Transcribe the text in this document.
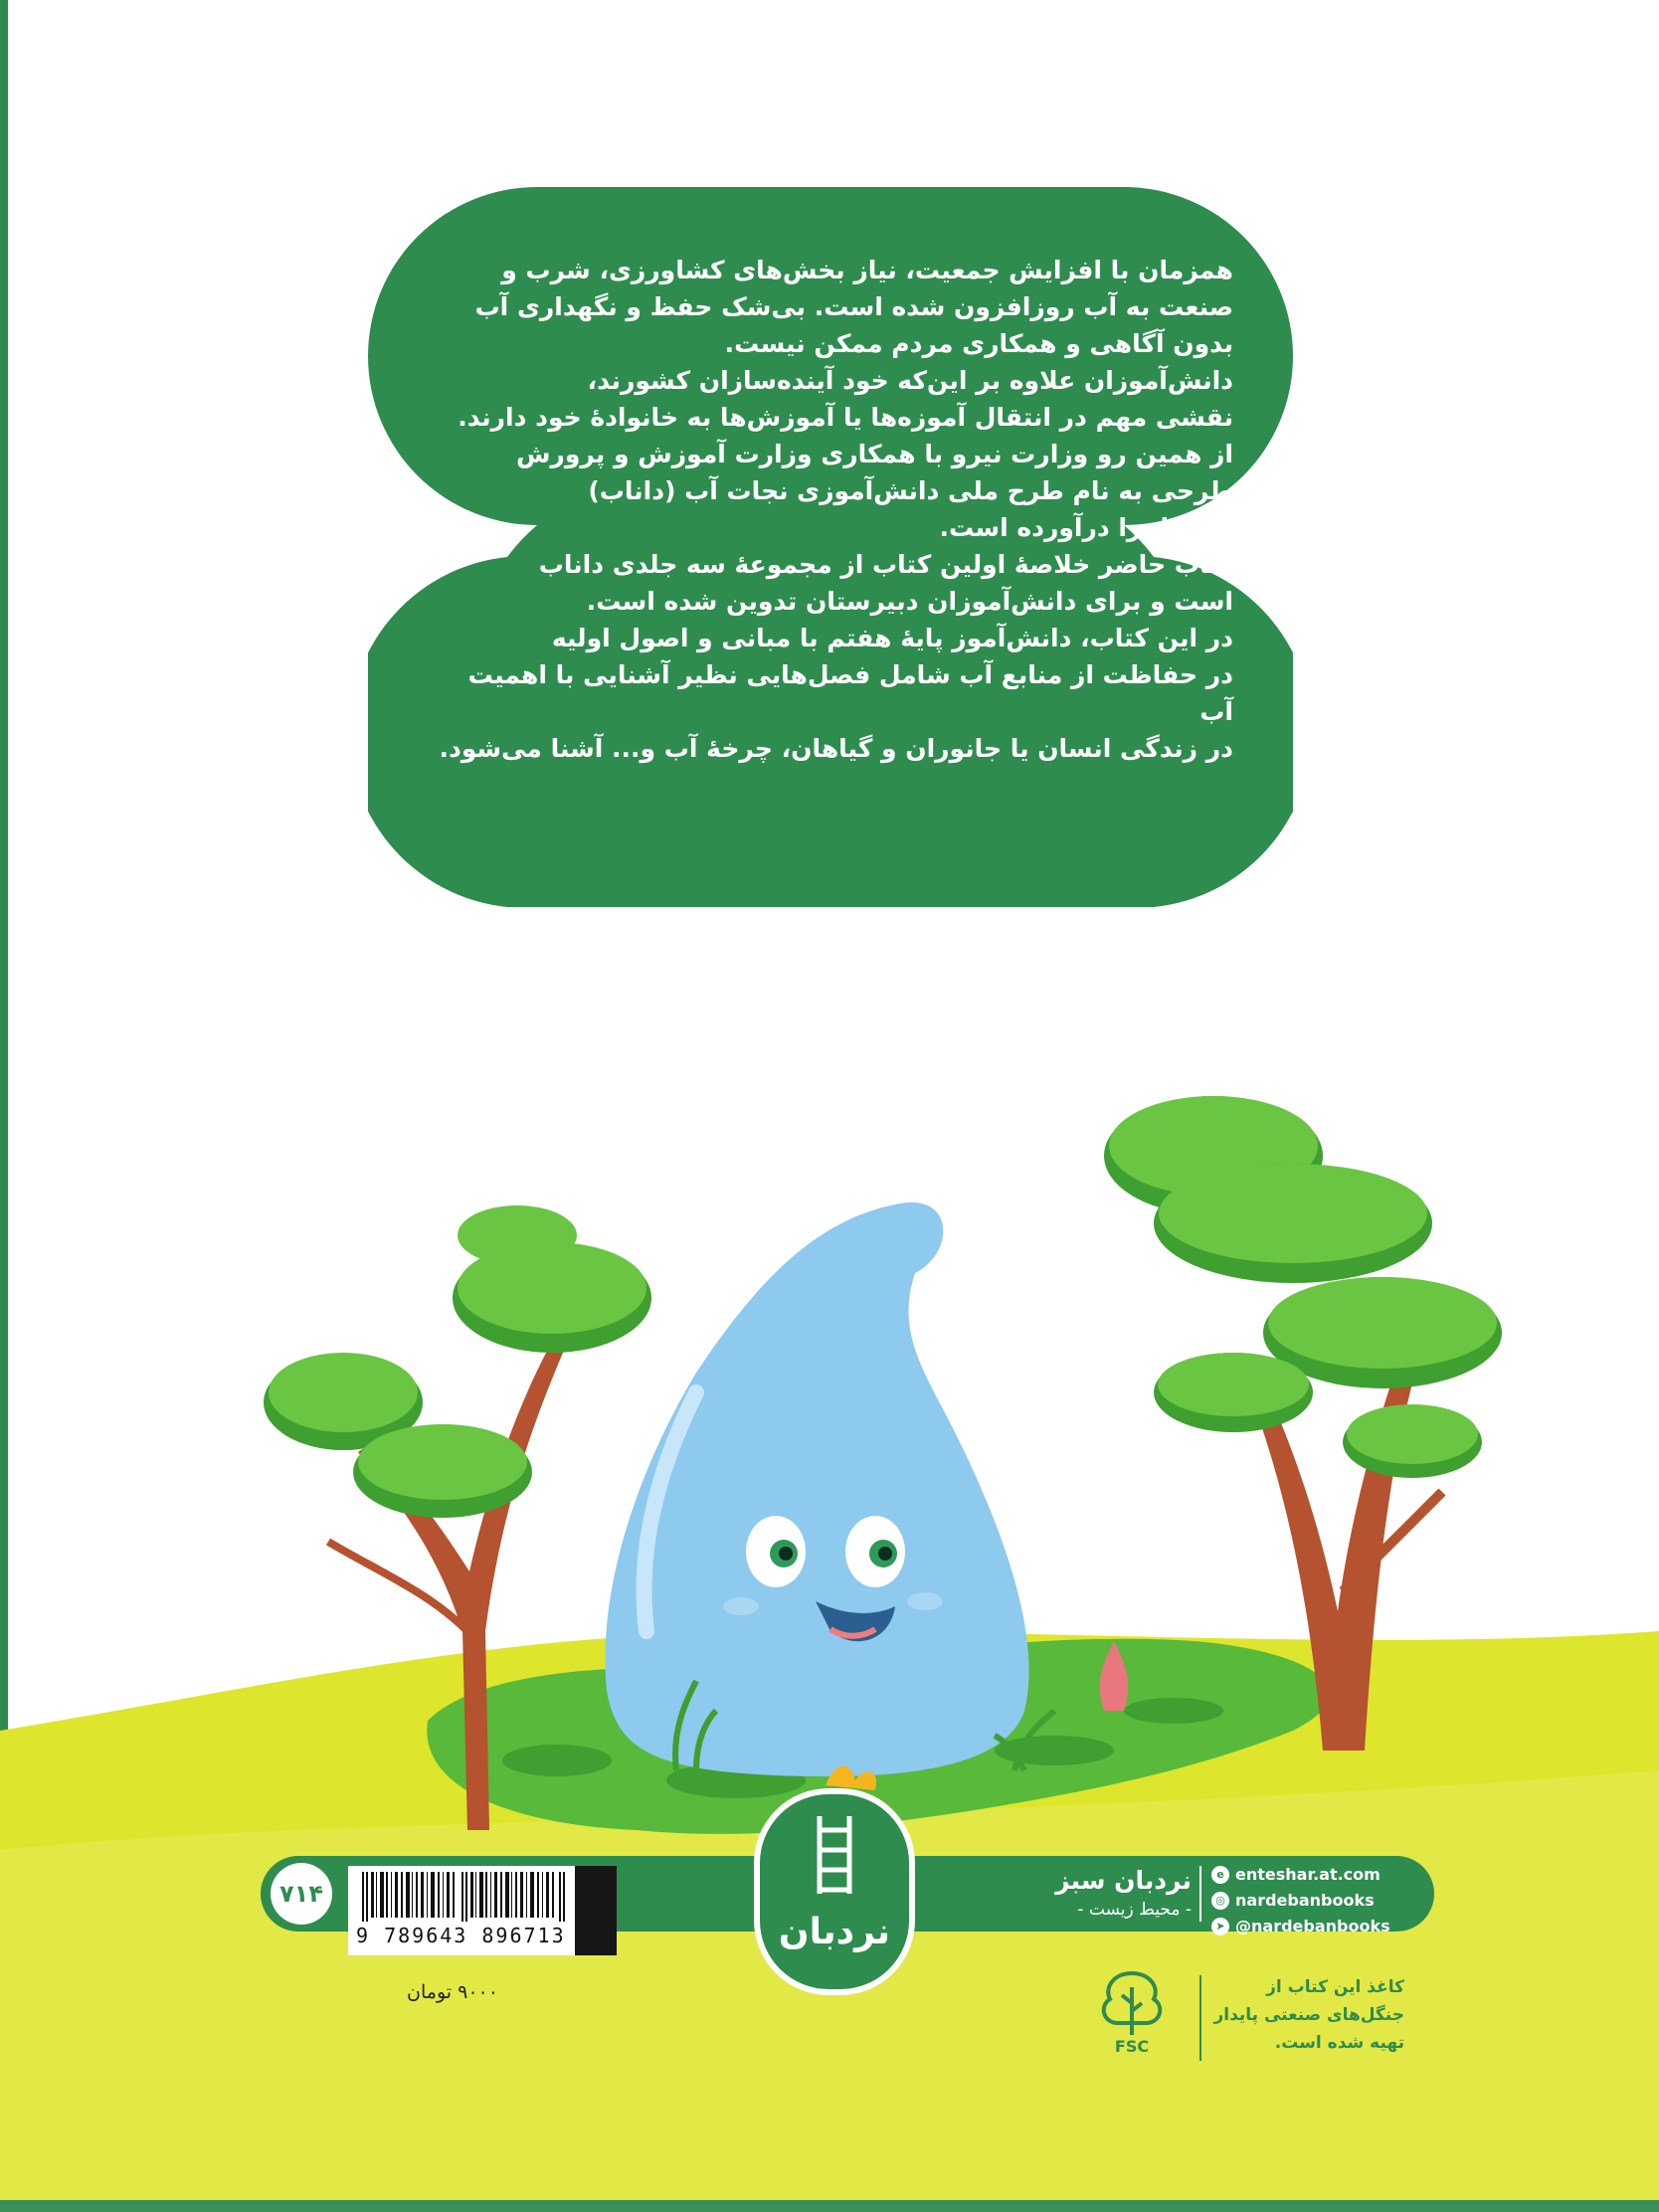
همزمان با افزایش جمعیت، نیاز بخش‌های کشاورزی، شرب و

صنعت به آب روزافزون شده است. بی‌شک حفظ و نگهداری آب

بدون آگاهی و همکاری مردم ممکن نیست.

دانش‌آموزان علاوه بر این‌که خود آینده‌سازان کشورند،

نقشی مهم در انتقال آموزه‌ها یا آموزش‌ها به خانوادهٔ خود دارند.

از همین رو وزارت نیرو با همکاری وزارت آموزش و پرورش

طرحی به نام طرح ملی دانش‌آموزی نجات آب (داناب)

را به اجرا درآورده است.

کتاب حاضر خلاصهٔ اولین کتاب از مجموعهٔ سه جلدی داناب

است و برای دانش‌آموزان دبیرستان تدوین شده است.

در این کتاب، دانش‌آموز پایهٔ هفتم با مبانی و اصول اولیه

در حفاظت از منابع آب شامل فصل‌هایی نظیر آشنایی با اهمیت آب

در زندگی انسان یا جانوران و گیاهان، چرخهٔ آب و... آشنا می‌شود.

۷۱۴
9 789643 896713
۹۰۰۰ تومان
نردبان
نردبان سبز
- محیط زیست -
e enteshar.at.com
◎ nardebanbooks
➤ @nardebanbooks
FSC

کاغذ این کتاب از

جنگل‌های صنعتی پایدار

تهیه شده است.
